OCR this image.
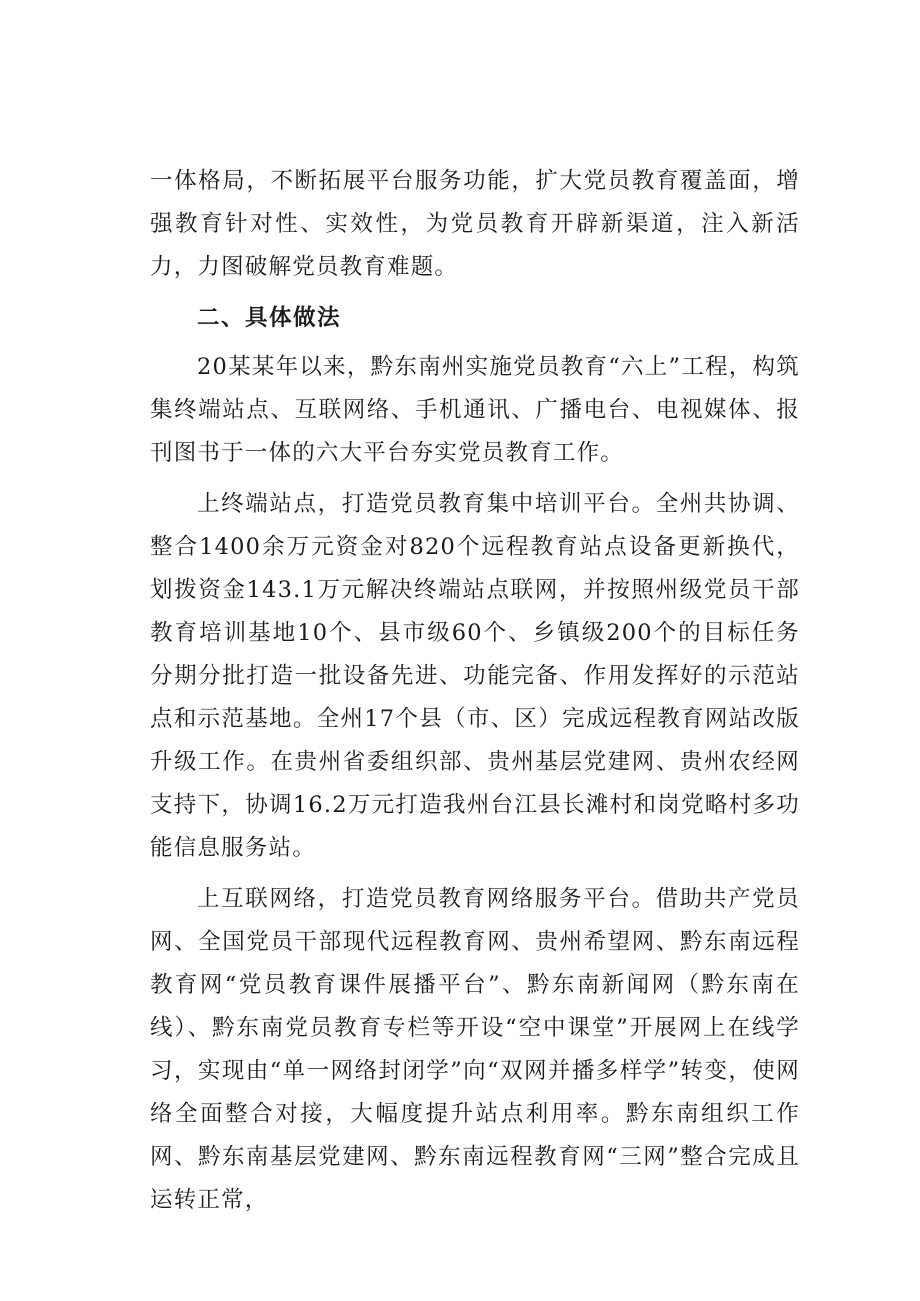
一体格局，不断拓展平台服务功能，扩大党员教育覆盖面，增强教育针对性、实效性，为党员教育开辟新渠道，注入新活力，力图破解党员教育难题。

二、具体做法

20某某年以来，黔东南州实施党员教育“六上”工程，构筑集终端站点、互联网络、手机通讯、广播电台、电视媒体、报刊图书于一体的六大平台夯实党员教育工作。

上终端站点，打造党员教育集中培训平台。全州共协调、整合1400余万元资金对820个远程教育站点设备更新换代，划拨资金143.1万元解决终端站点联网，并按照州级党员干部教育培训基地10个、县市级60个、乡镇级200个的目标任务分期分批打造一批设备先进、功能完备、作用发挥好的示范站点和示范基地。全州17个县（市、区）完成远程教育网站改版升级工作。在贵州省委组织部、贵州基层党建网、贵州农经网支持下，协调16.2万元打造我州台江县长滩村和岗党略村多功能信息服务站。

上互联网络，打造党员教育网络服务平台。借助共产党员网、全国党员干部现代远程教育网、贵州希望网、黔东南远程教育网“党员教育课件展播平台”、黔东南新闻网（黔东南在线）、黔东南党员教育专栏等开设“空中课堂”开展网上在线学习，实现由“单一网络封闭学”向“双网并播多样学”转变，使网络全面整合对接，大幅度提升站点利用率。黔东南组织工作网、黔东南基层党建网、黔东南远程教育网“三网”整合完成且运转正常，
